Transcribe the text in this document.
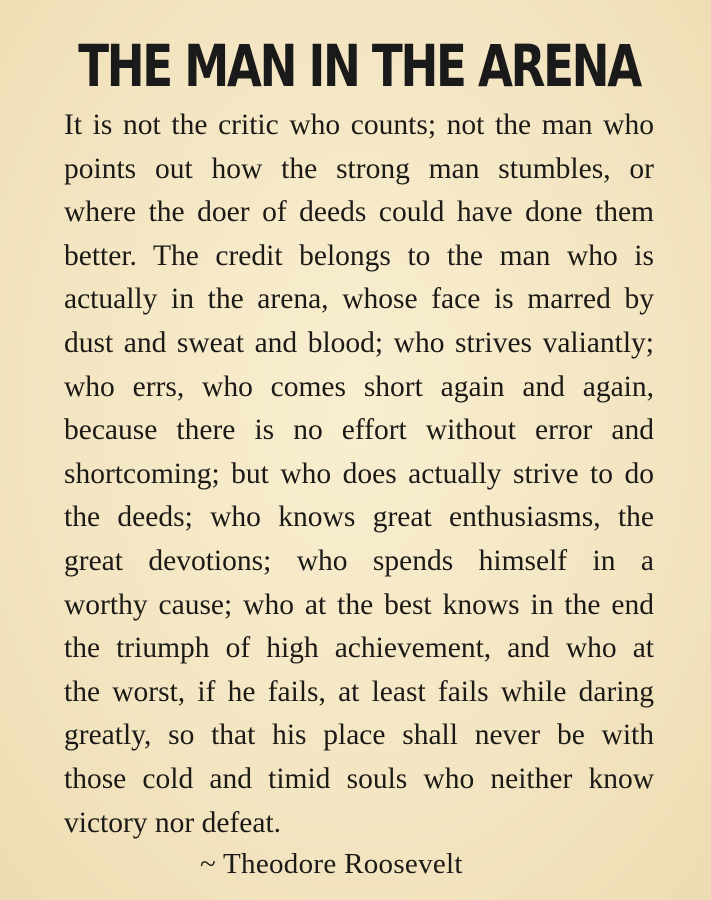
THE MAN IN THE ARENA
It is not the critic who counts; not the man who
points out how the strong man stumbles, or
where the doer of deeds could have done them
better. The credit belongs to the man who is
actually in the arena, whose face is marred by
dust and sweat and blood; who strives valiantly;
who errs, who comes short again and again,
because there is no effort without error and
shortcoming; but who does actually strive to do
the deeds; who knows great enthusiasms, the
great devotions; who spends himself in a
worthy cause; who at the best knows in the end
the triumph of high achievement, and who at
the worst, if he fails, at least fails while daring
greatly, so that his place shall never be with
those cold and timid souls who neither know
victory nor defeat.
~ Theodore Roosevelt
